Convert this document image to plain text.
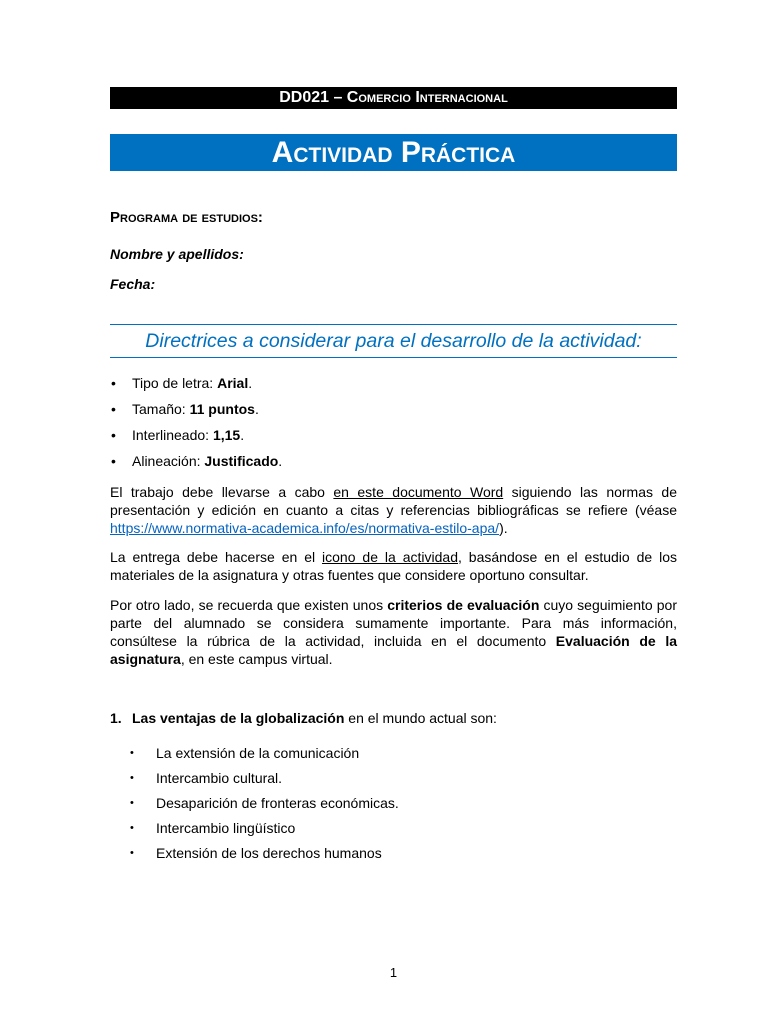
DD021 – Comercio Internacional
Actividad Práctica
Programa de estudios:
Nombre y apellidos:
Fecha:
Directrices a considerar para el desarrollo de la actividad:
• Tipo de letra: Arial.
• Tamaño: 11 puntos.
• Interlineado: 1,15.
• Alineación: Justificado.
El trabajo debe llevarse a cabo en este documento Word siguiendo las normas de presentación y edición en cuanto a citas y referencias bibliográficas se refiere (véase https://www.normativa-academica.info/es/normativa-estilo-apa/).
La entrega debe hacerse en el icono de la actividad, basándose en el estudio de los materiales de la asignatura y otras fuentes que considere oportuno consultar.
Por otro lado, se recuerda que existen unos criterios de evaluación cuyo seguimiento por parte del alumnado se considera sumamente importante. Para más información, consúltese la rúbrica de la actividad, incluida en el documento Evaluación de la asignatura, en este campus virtual.
1. Las ventajas de la globalización en el mundo actual son:
• La extensión de la comunicación
• Intercambio cultural.
• Desaparición de fronteras económicas.
• Intercambio lingüístico
• Extensión de los derechos humanos
1
